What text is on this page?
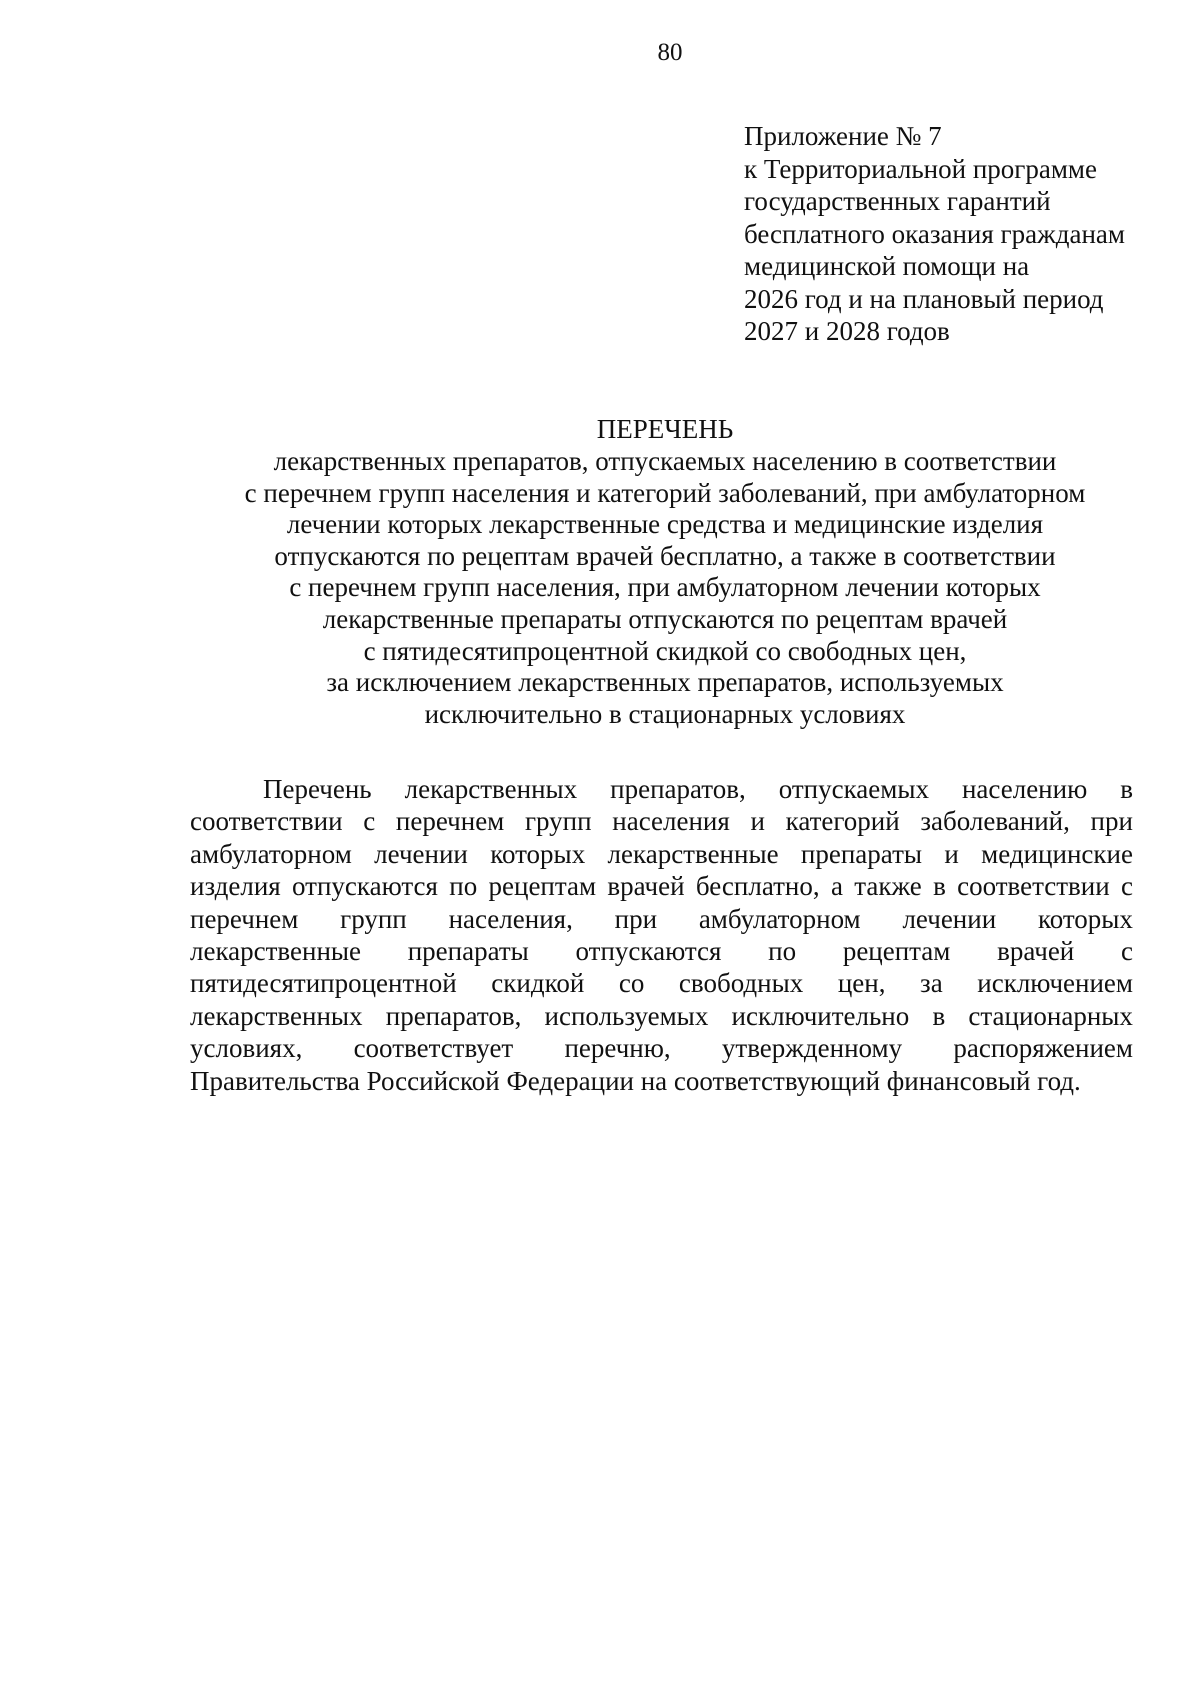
80
Приложение № 7
к Территориальной программе
государственных гарантий
бесплатного оказания гражданам
медицинской помощи на
2026 год и на плановый период
2027 и 2028 годов
ПЕРЕЧЕНЬ
лекарственных препаратов, отпускаемых населению в соответствии
с перечнем групп населения и категорий заболеваний, при амбулаторном
лечении которых лекарственные средства и медицинские изделия
отпускаются по рецептам врачей бесплатно, а также в соответствии
с перечнем групп населения, при амбулаторном лечении которых
лекарственные препараты отпускаются по рецептам врачей
с пятидесятипроцентной скидкой со свободных цен,
за исключением лекарственных препаратов, используемых
исключительно в стационарных условиях
Перечень лекарственных препаратов, отпускаемых населению в
соответствии с перечнем групп населения и категорий заболеваний, при
амбулаторном лечении которых лекарственные препараты и медицинские
изделия отпускаются по рецептам врачей бесплатно, а также в соответствии с
перечнем групп населения, при амбулаторном лечении которых
лекарственные препараты отпускаются по рецептам врачей с
пятидесятипроцентной скидкой со свободных цен, за исключением
лекарственных препаратов, используемых исключительно в стационарных
условиях, соответствует перечню, утвержденному распоряжением
Правительства Российской Федерации на соответствующий финансовый год.
